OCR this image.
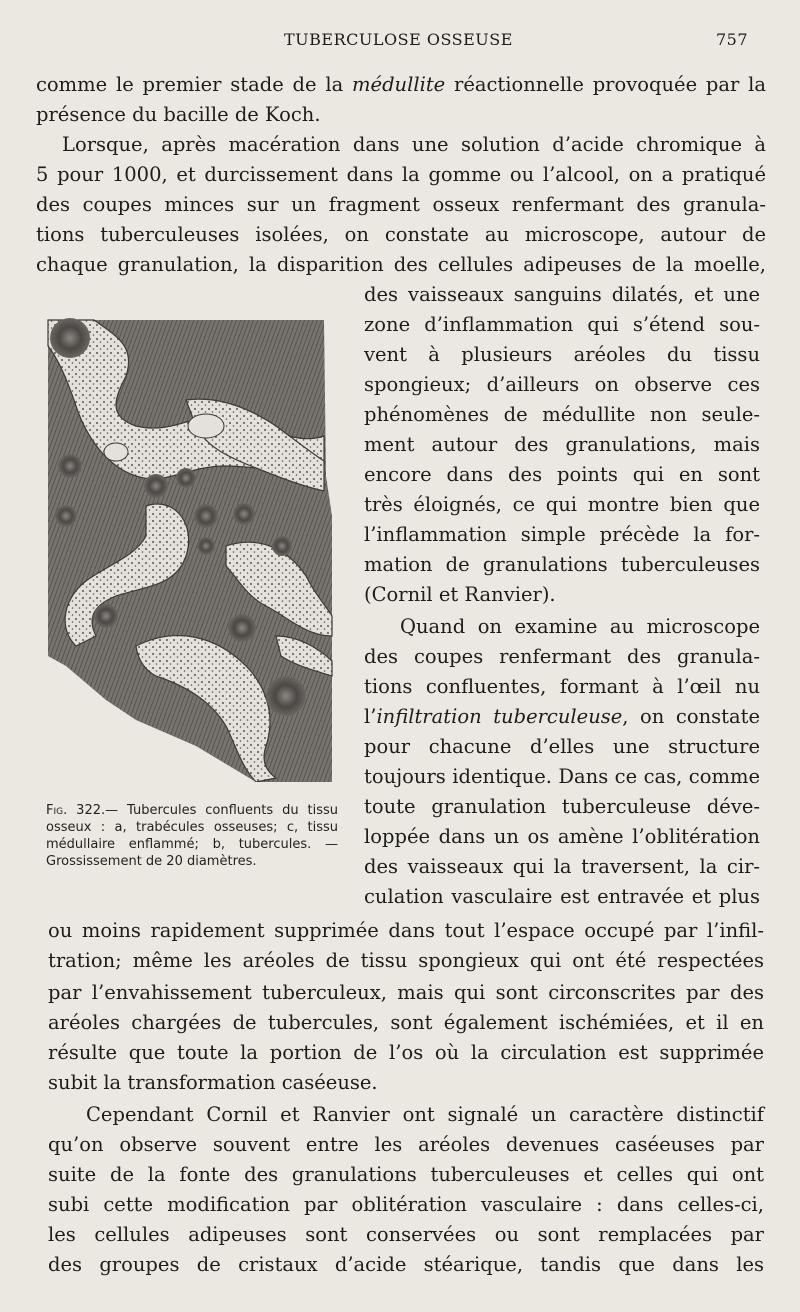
TUBERCULOSE OSSEUSE	757
comme le premier stade de la médullite réactionnelle provoquée par la
présence du bacille de Koch.
Lorsque, après macération dans une solution d’acide chromique à
5 pour 1000, et durcissement dans la gomme ou l’alcool, on a pratiqué
des coupes minces sur un fragment osseux renfermant des granula-
tions tuberculeuses isolées, on constate au microscope, autour de
chaque granulation, la disparition des cellules adipeuses de la moelle,
des vaisseaux sanguins dilatés, et une
zone d’inflammation qui s’étend sou-
vent à plusieurs aréoles du tissu
spongieux; d’ailleurs on observe ces
phénomènes de médullite non seule-
ment autour des granulations, mais
encore dans des points qui en sont
très éloignés, ce qui montre bien que
l’inflammation simple précède la for-
mation de granulations tuberculeuses
(Cornil et Ranvier).
Quand on examine au microscope
des coupes renfermant des granula-
tions confluentes, formant à l’œil nu
l’infiltration tuberculeuse, on constate
pour chacune d’elles une structure
toujours identique. Dans ce cas, comme
toute granulation tuberculeuse déve-
loppée dans un os amène l’oblitération
des vaisseaux qui la traversent, la cir-
culation vasculaire est entravée et plus
ou moins rapidement supprimée dans tout l’espace occupé par l’infil-
tration; même les aréoles de tissu spongieux qui ont été respectées
par l’envahissement tuberculeux, mais qui sont circonscrites par des
aréoles chargées de tubercules, sont également ischémiées, et il en
résulte que toute la portion de l’os où la circulation est supprimée
subit la transformation caséeuse.
Cependant Cornil et Ranvier ont signalé un caractère distinctif
qu’on observe souvent entre les aréoles devenues caséeuses par
suite de la fonte des granulations tuberculeuses et celles qui ont
subi cette modification par oblitération vasculaire : dans celles-ci,
les cellules adipeuses sont conservées ou sont remplacées par
des groupes de cristaux d’acide stéarique, tandis que dans les
Fig. 322.— Tubercules confluents du tissu osseux : a, trabécules osseuses; c, tissu médullaire enflammé; b, tubercules. — Grossissement de 20 diamètres.
